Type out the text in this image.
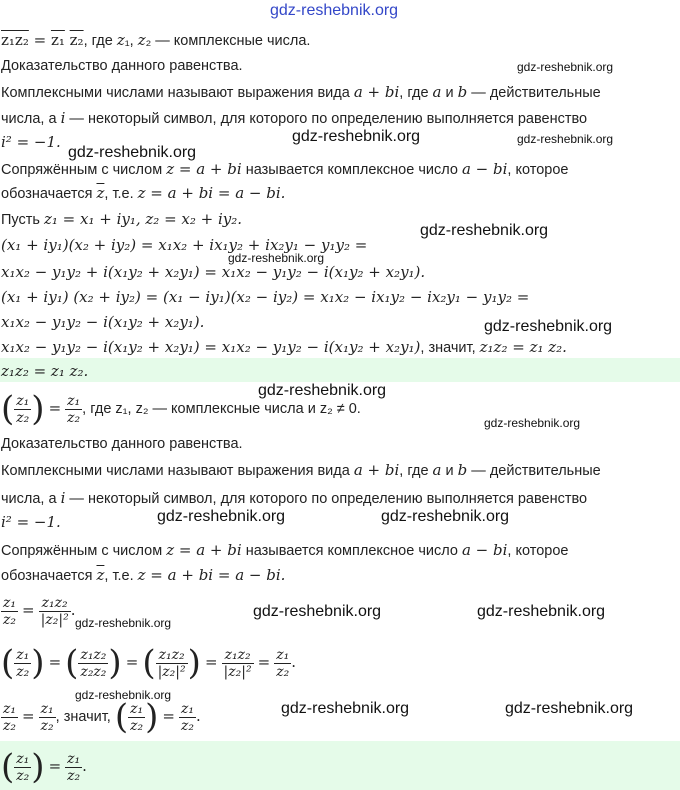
gdz-reshebnik.org
z₁z₂ = z₁ z₂, где z₁, z₂ — комплексные числа.
Доказательство данного равенства.	gdz-reshebnik.org
Комплексными числами называют выражения вида a + bi, где a и b — действительные
числа, а i — некоторый символ, для которого по определению выполняется равенство
i² = −1.	gdz-reshebnik.org	gdz-reshebnik.org
gdz-reshebnik.org
Сопряжённым с числом z = a + bi называется комплексное число a − bi, которое
обозначается $\overline{z}$, т.е. z = a + bi = a − bi.
Пусть z₁ = x₁ + iy₁, z₂ = x₂ + iy₂.
gdz-reshebnik.org
(x₁ + iy₁)(x₂ + iy₂) = x₁x₂ + ix₁y₂ + ix₂y₁ − y₁y₂ =
gdz-reshebnik.org
x₁x₂ − y₁y₂ + i(x₁y₂ + x₂y₁) = x₁x₂ − y₁y₂ − i(x₁y₂ + x₂y₁).
(x₁ + iy₁) (x₂ + iy₂) = (x₁ − iy₁)(x₂ − iy₂) = x₁x₂ − ix₁y₂ − ix₂y₁ − y₁y₂ =
x₁x₂ − y₁y₂ − i(x₁y₂ + x₂y₁).	gdz-reshebnik.org
x₁x₂ − y₁y₂ − i(x₁y₂ + x₂y₁) = x₁x₂ − y₁y₂ − i(x₁y₂ + x₂y₁), значит, z₁z₂ = z₁ z₂.
z₁z₂ = z₁ z₂.
gdz-reshebnik.org
( $\frac{\text{z₁}}{\text{z₂}}$ ) = $\frac{\text{z₁}}{\text{z₂}}$ , где z₁, z₂ — комплексные числа и z₂ ≠ 0.
gdz-reshebnik.org
Доказательство данного равенства.
Комплексными числами называют выражения вида a + bi, где a и b — действительные
числа, а i — некоторый символ, для которого по определению выполняется равенство
i² = −1.	gdz-reshebnik.org	gdz-reshebnik.org
Сопряжённым с числом z = a + bi называется комплексное число a − bi, которое
обозначается $\overline{z}$, т.е. z = a + bi = a − bi.
$\frac{\text{z₁}}{\text{z₂}} = \frac{\text{z₁z₂}}{\text{|z₂|²}}$ .
gdz-reshebnik.org
gdz-reshebnik.org	gdz-reshebnik.org
( $\frac{\text{z₁}}{\text{z₂}}$ ) = ( $\frac{\text{z₁z₂}}{\text{z₂z₂}}$ ) = ( $\frac{\text{z₁z₂}}{\text{|z₂|²}}$ ) = $\frac{\text{z₁z₂}}{\text{|z₂|²}} = \frac{\text{z₁}}{\text{z₂}}$ .
gdz-reshebnik.org
$\frac{\text{z₁}}{\text{z₂}} = \frac{\text{z₁}}{\text{z₂}}$ , значит, ( $\frac{\text{z₁}}{\text{z₂}}$ ) = $\frac{\text{z₁}}{\text{z₂}}$ .	gdz-reshebnik.org	gdz-reshebnik.org
( $\frac{\text{z₁}}{\text{z₂}}$ ) = $\frac{\text{z₁}}{\text{z₂}}$ .
